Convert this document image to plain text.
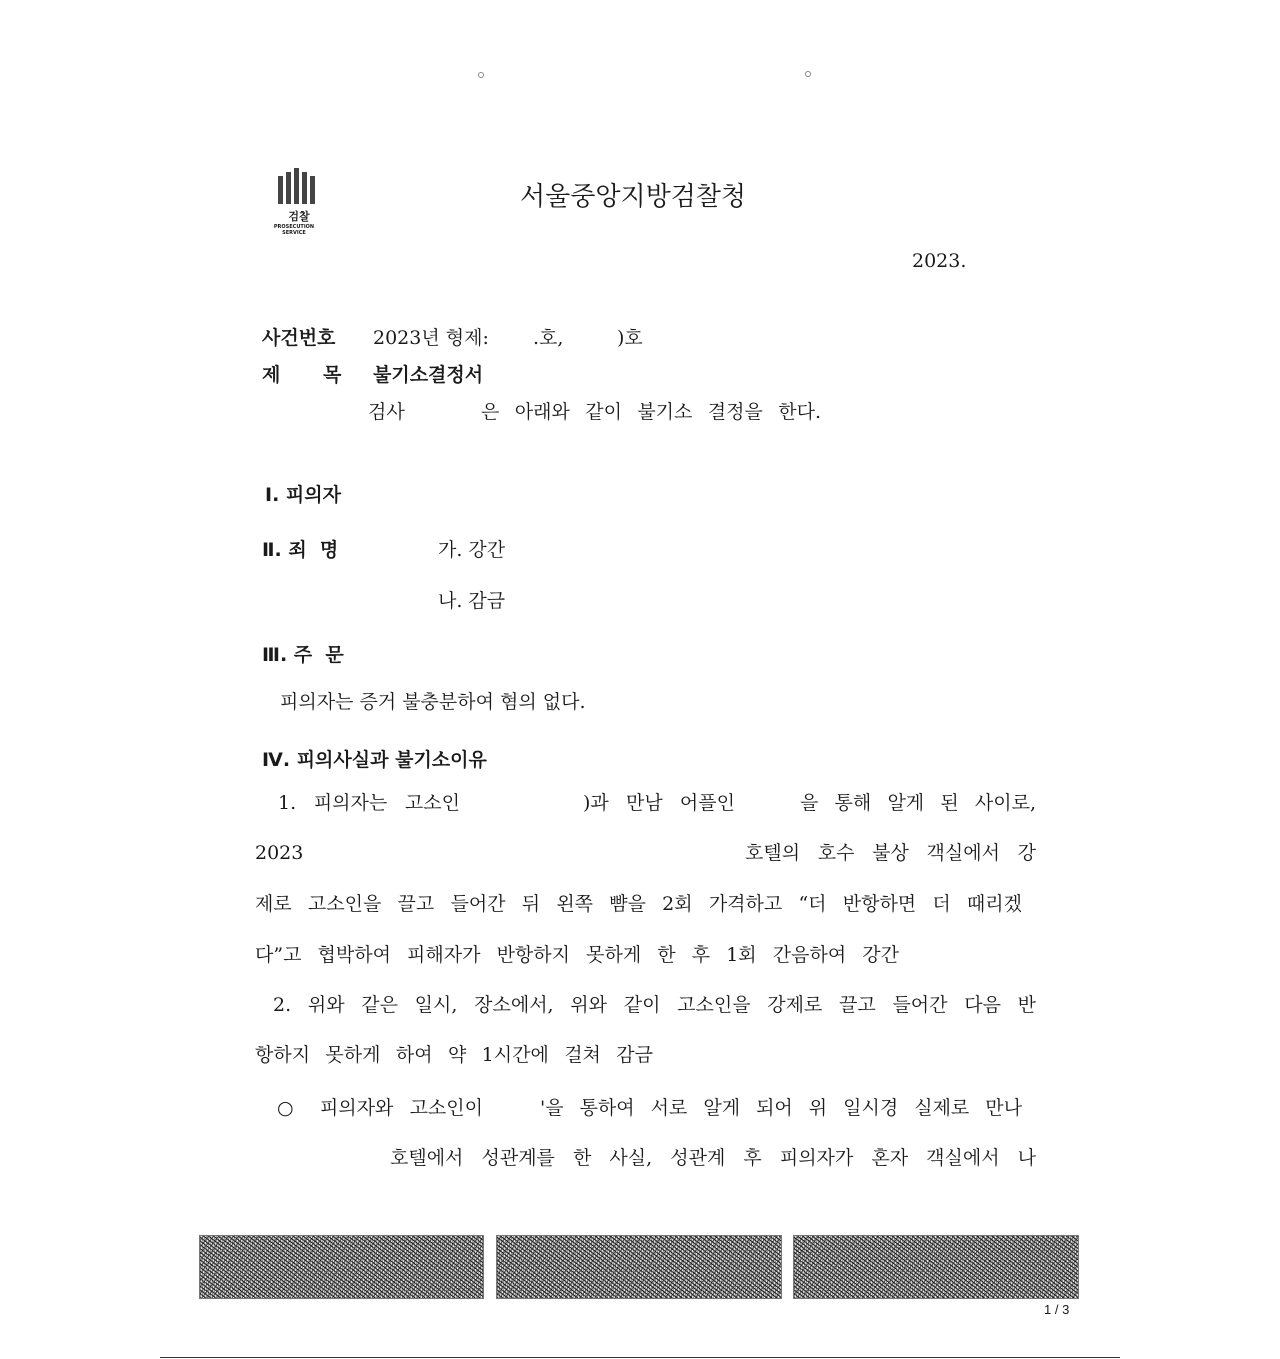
검찰
PROSECUTION SERVICE
서울중앙지방검찰청
2023.
사건번호 2023년 형제: .호,	)호
제 목 불기소결정서
검사	은 아래와 같이 불기소 결정을 한다.
Ⅰ. 피의자
Ⅱ. 죄  명	가. 강간
나. 감금
Ⅲ. 주  문
피의자는 증거 불충분하여 혐의 없다.
Ⅳ. 피의사실과 불기소이유
1. 피의자는 고소인	)과 만남 어플인	을 통해 알게 된 사이로,
2023	호텔의 호수 불상 객실에서 강
제로 고소인을 끌고 들어간 뒤 왼쪽 뺨을 2회 가격하고 “더 반항하면 더 때리겠
다”고 협박하여 피해자가 반항하지 못하게 한 후 1회 간음하여 강간
2. 위와 같은 일시, 장소에서, 위와 같이 고소인을 강제로 끌고 들어간 다음 반
항하지 못하게 하여 약 1시간에 걸쳐 감금
○ 피의자와 고소인이	'을 통하여 서로 알게 되어 위 일시경 실제로 만나
호텔에서 성관계를 한 사실, 성관계 후 피의자가 혼자 객실에서 나
1 / 3
